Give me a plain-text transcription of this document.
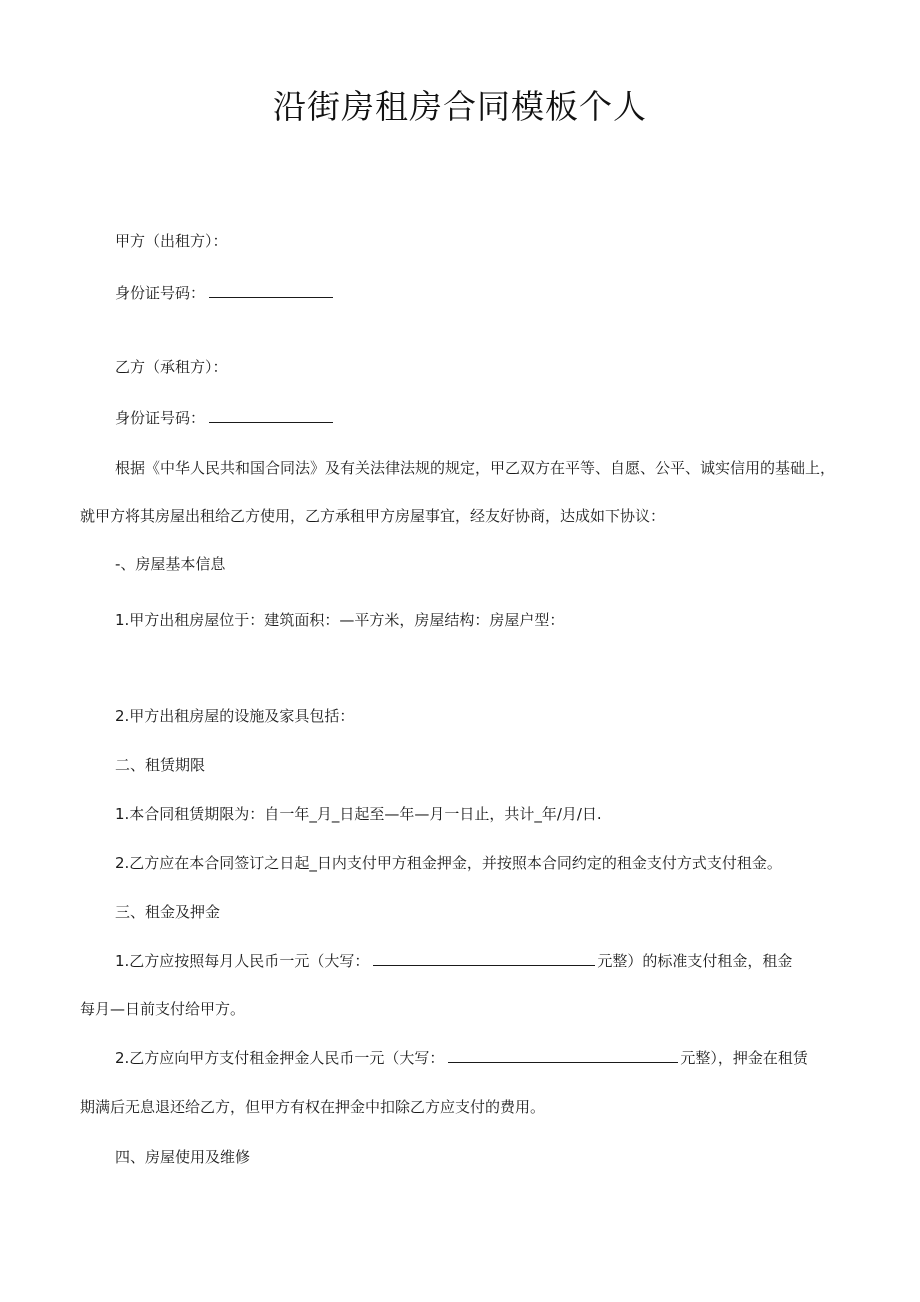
沿街房租房合同模板个人
甲方（出租方）：
身份证号码：
乙方（承租方）：
身份证号码：
根据《中华人民共和国合同法》及有关法律法规的规定，甲乙双方在平等、自愿、公平、诚实信用的基础上，
就甲方将其房屋出租给乙方使用，乙方承租甲方房屋事宜，经友好协商，达成如下协议：
-、房屋基本信息
1.甲方出租房屋位于：建筑面积：—平方米，房屋结构：房屋户型：
2.甲方出租房屋的设施及家具包括：
二、租赁期限
1.本合同租赁期限为：自一年_月_日起至—年—月一日止，共计_年/月/日.
2.乙方应在本合同签订之日起_日内支付甲方租金押金，并按照本合同约定的租金支付方式支付租金。
三、租金及押金
1.乙方应按照每月人民币一元（大写：	元整）的标准支付租金，租金
每月—日前支付给甲方。
2.乙方应向甲方支付租金押金人民币一元（大写：	元整），押金在租赁
期满后无息退还给乙方，但甲方有权在押金中扣除乙方应支付的费用。
四、房屋使用及维修
